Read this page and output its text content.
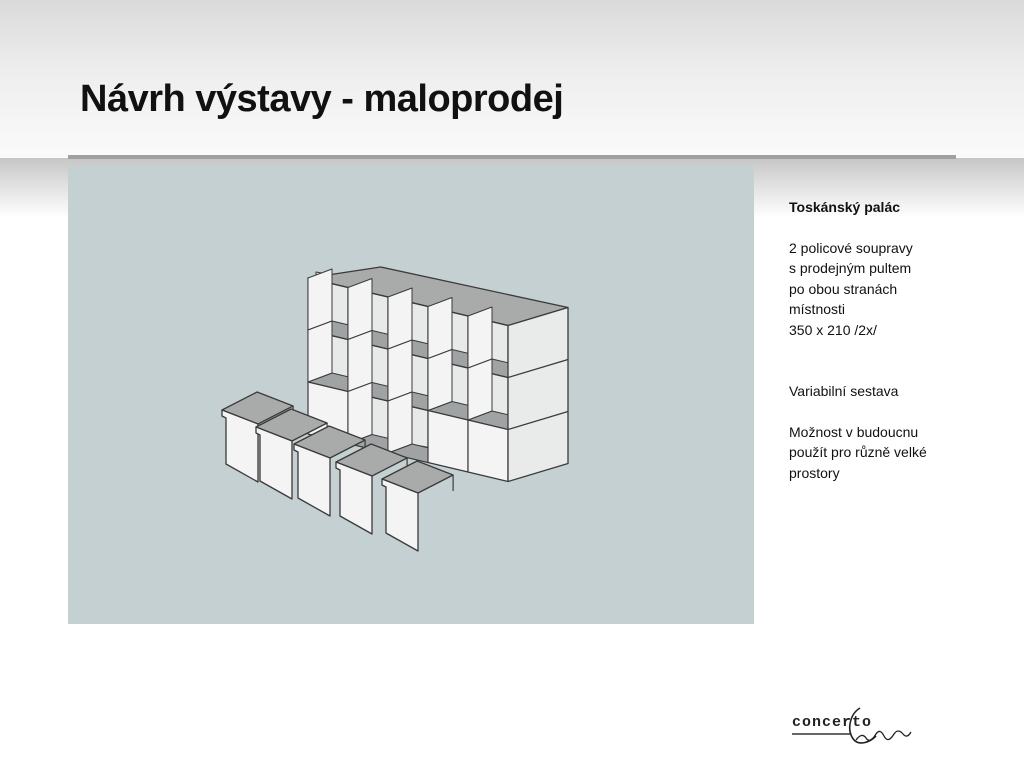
Návrh výstavy - maloprodej

Toskánský palác

2 policové soupravy

s prodejným pultem

po obou stranách

místnosti

350 x 210 /2x/

Variabilní sestava

Možnost v budoucnu

použít pro různě velké

prostory

concerto
